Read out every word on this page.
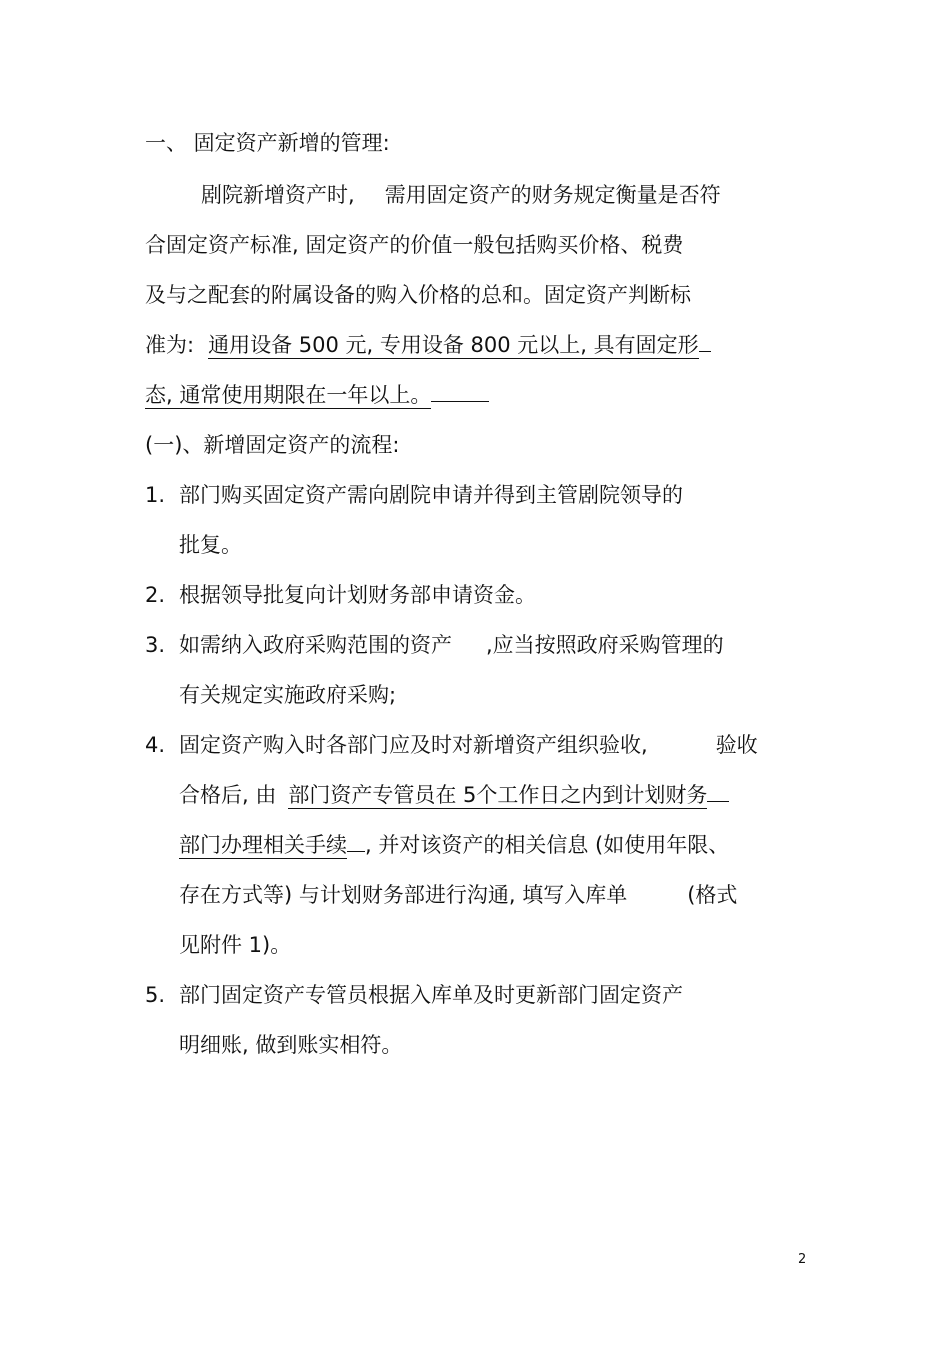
一、 固定资产新增的管理:
剧院新增资产时, 需用固定资产的财务规定衡量是否符
合固定资产标准, 固定资产的价值一般包括购买价格、税费
及与之配套的附属设备的购入价格的总和。固定资产判断标
准为: 通用设备 500 元, 专用设备 800 元以上, 具有固定形
态, 通常使用期限在一年以上。
(一)、新增固定资产的流程:
1. 部门购买固定资产需向剧院申请并得到主管剧院领导的
批复。
2. 根据领导批复向计划财务部申请资金。
3. 如需纳入政府采购范围的资产 ,应当按照政府采购管理的
有关规定实施政府采购;
4. 固定资产购入时各部门应及时对新增资产组织验收,	验收
合格后, 由 部门资产专管员在 5个工作日之内到计划财务
部门办理相关手续 , 并对该资产的相关信息 (如使用年限、
存在方式等) 与计划财务部进行沟通, 填写入库单	(格式
见附件 1)。
5. 部门固定资产专管员根据入库单及时更新部门固定资产
明细账, 做到账实相符。
2
